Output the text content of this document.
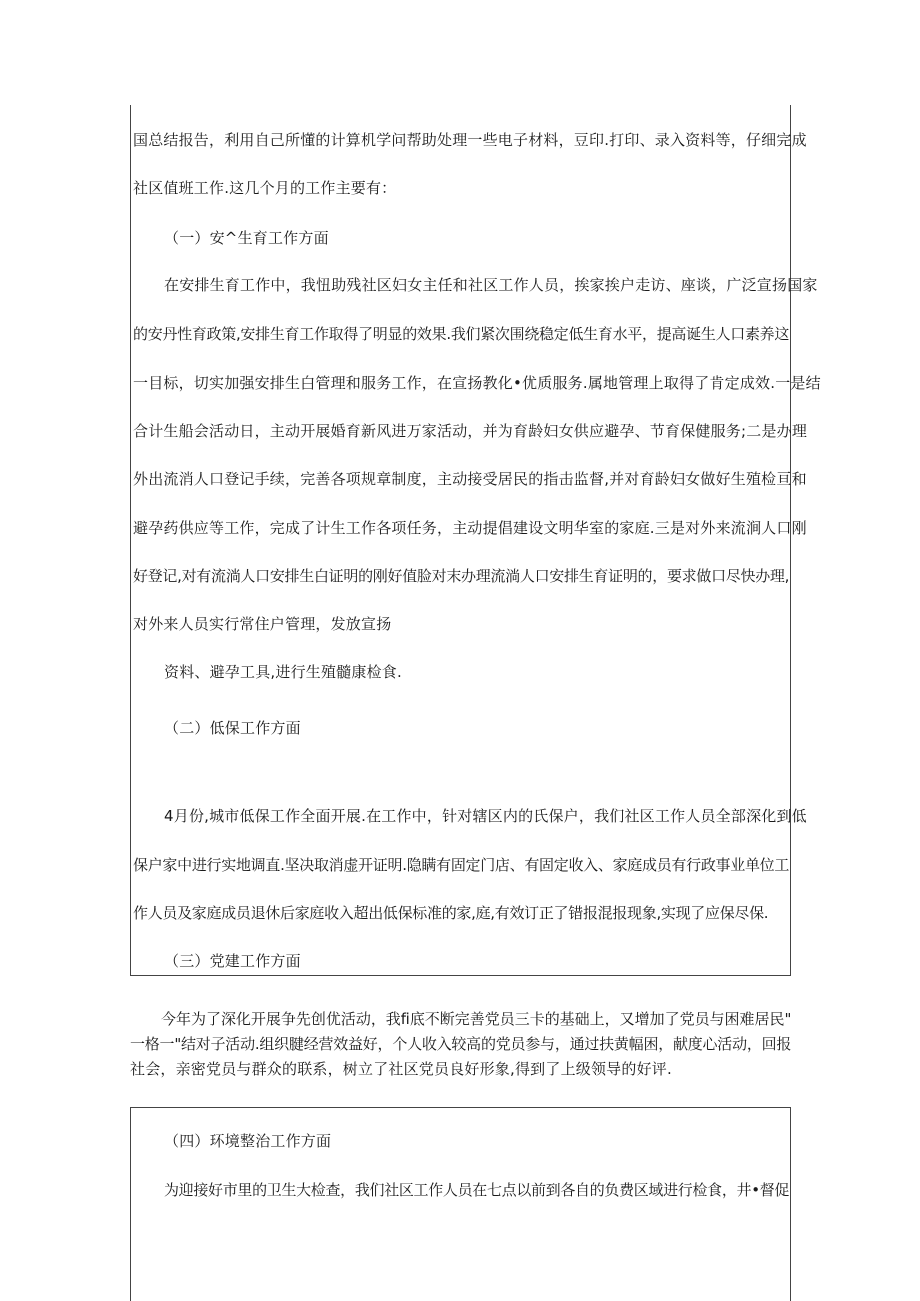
国总结报告，利用自己所懂的计算机学问帮助处理一些电子材料，豆印.打印、录入资料等，仔细完成
社区值班工作.这几个月的工作主要有：
（一）安^生育工作方面
在安排生育工作中，我忸助残社区妇女主任和社区工作人员，挨家挨户走访、座谈，广泛宣扬国家
的安丹性育政策,安排生育工作取得了明显的效果.我们紧次围绕稳定低生育水平，提高诞生人口素养这
一目标，切实加强安排生白管理和服务工作，在宣扬教化•优质服务.属地管理上取得了肯定成效.一是结
合计生船会活动日，主动开展婚育新风进万家活动，并为育龄妇女供应避孕、节育保健服务;二是办理
外出流消人口登记手续，完善各项规章制度，主动接受居民的指击监督,并对育龄妇女做好生殖检亘和
避孕药供应等工作，完成了计生工作各项任务，主动提倡建设文明华室的家庭.三是对外来流涧人口刚
好登记,对有流淌人口安排生白证明的刚好值脸对末办理流淌人口安排生育证明的，要求做口尽快办理,
对外来人员实行常住户管理，发放宣扬
资料、避孕工具,进行生殖髓康检食.
（二）低保工作方面
4月份,城市低保工作全面开展.在工作中，针对辖区内的氏保户，我们社区工作人员全部深化到低
保户家中进行实地调直.坚决取消虚开证明.隐瞒有固定门店、有固定收入、家庭成员有行政事业单位工
作人员及家庭成员退休后家庭收入超出低保标准的家,庭,有效订正了错报混报现象,实现了应保尽保.
（三）党建工作方面
今年为了深化开展争先创优活动，我fi底不断完善党员三卡的基础上，又增加了党员与困难居民"
一格一"结对子活动.组织腱经营效益好，个人收入较高的党员参与，通过扶黄幅困，献度心活动，回报
社会，亲密党员与群众的联系，树立了社区党员良好形象,得到了上级领导的好评.
（四）环境整治工作方面
为迎接好市里的卫生大检查，我们社区工作人员在七点以前到各自的负费区域进行检食，井•督促
